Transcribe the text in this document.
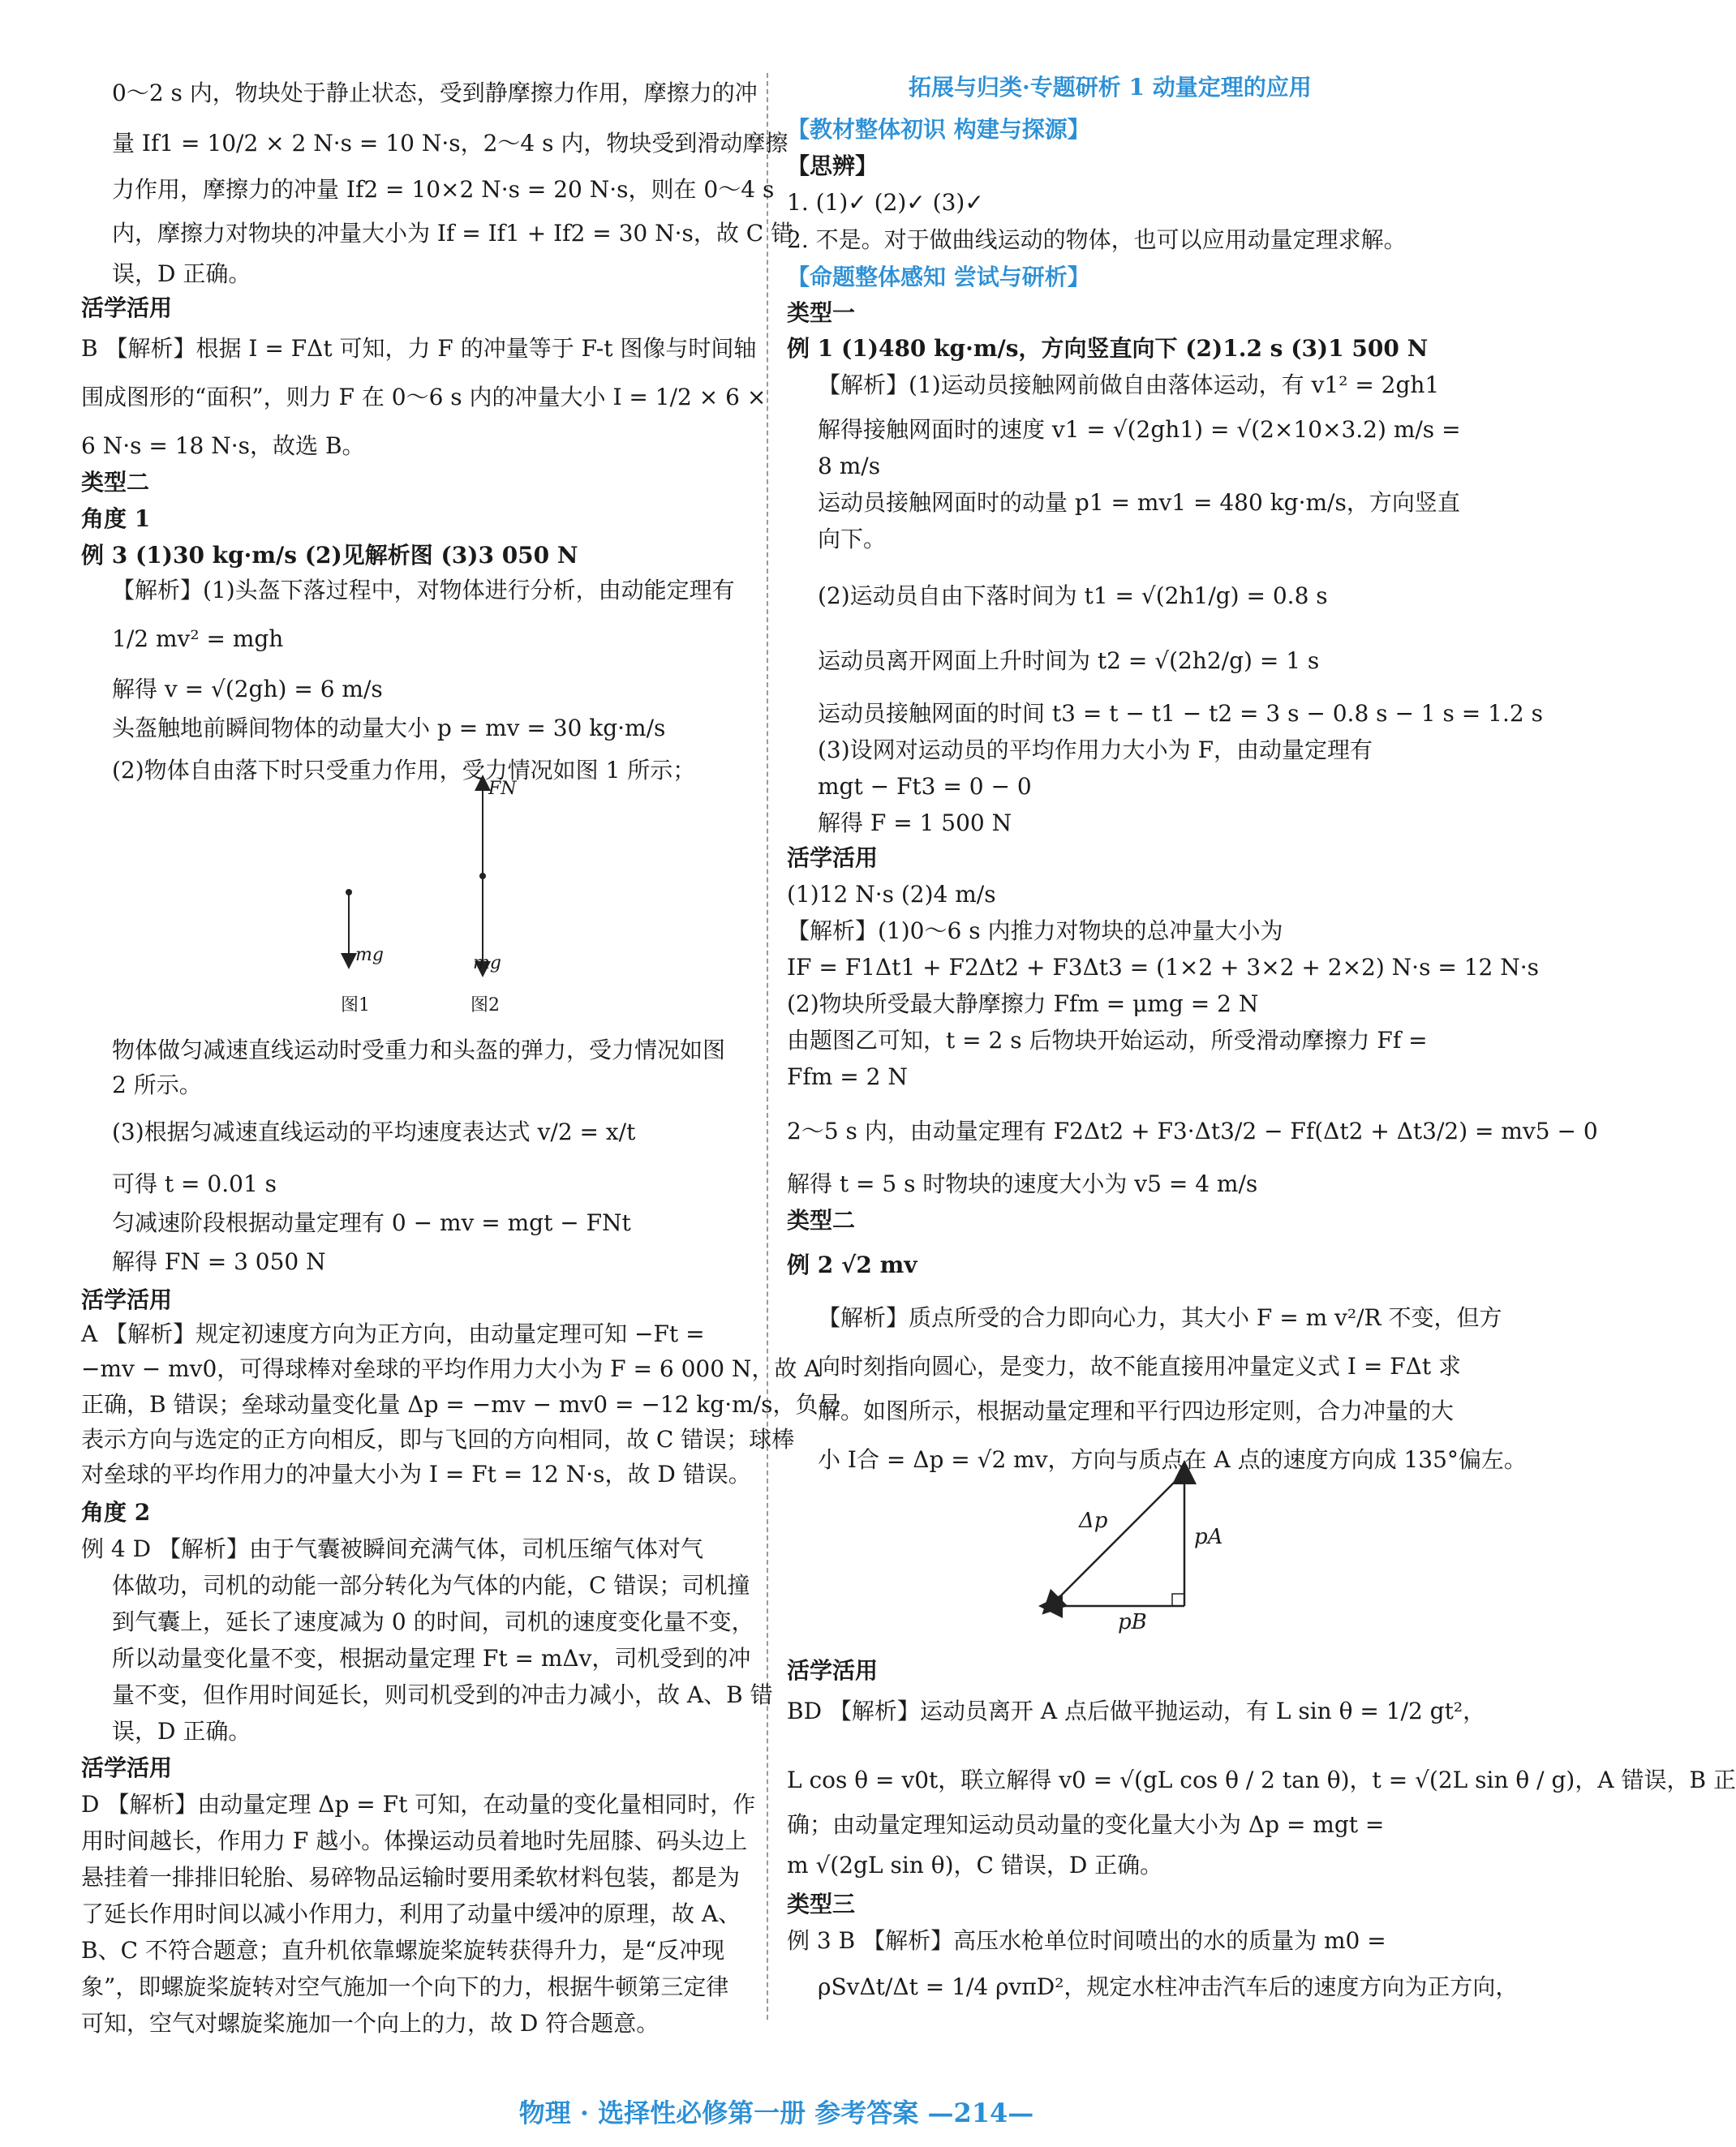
0～2 s 内，物块处于静止状态，受到静摩擦力作用，摩擦力的冲
量 If1 = 10/2 × 2 N·s = 10 N·s，2～4 s 内，物块受到滑动摩擦
力作用，摩擦力的冲量 If2 = 10×2 N·s = 20 N·s，则在 0～4 s
内，摩擦力对物块的冲量大小为 If = If1 + If2 = 30 N·s，故 C 错
误，D 正确。
活学活用
B 【解析】根据 I = FΔt 可知，力 F 的冲量等于 F-t 图像与时间轴
围成图形的“面积”，则力 F 在 0～6 s 内的冲量大小 I = 1/2 × 6 ×
6 N·s = 18 N·s，故选 B。
类型二
角度 1
例 3 (1)30 kg·m/s (2)见解析图 (3)3 050 N
【解析】(1)头盔下落过程中，对物体进行分析，由动能定理有
1/2 mv² = mgh
解得 v = √(2gh) = 6 m/s
头盔触地前瞬间物体的动量大小 p = mv = 30 kg·m/s
(2)物体自由落下时只受重力作用，受力情况如图 1 所示；
物体做匀减速直线运动时受重力和头盔的弹力，受力情况如图
2 所示。
(3)根据匀减速直线运动的平均速度表达式 v/2 = x/t
可得 t = 0.01 s
匀减速阶段根据动量定理有 0 − mv = mgt − FNt
解得 FN = 3 050 N
活学活用
A 【解析】规定初速度方向为正方向，由动量定理可知 −Ft =
−mv − mv0，可得球棒对垒球的平均作用力大小为 F = 6 000 N，故 A
正确，B 错误；垒球动量变化量 Δp = −mv − mv0 = −12 kg·m/s，负号
表示方向与选定的正方向相反，即与飞回的方向相同，故 C 错误；球棒
对垒球的平均作用力的冲量大小为 I = Ft = 12 N·s，故 D 错误。
角度 2
例 4 D 【解析】由于气囊被瞬间充满气体，司机压缩气体对气
体做功，司机的动能一部分转化为气体的内能，C 错误；司机撞
到气囊上，延长了速度减为 0 的时间，司机的速度变化量不变，
所以动量变化量不变，根据动量定理 Ft = mΔv，司机受到的冲
量不变，但作用时间延长，则司机受到的冲击力减小，故 A、B 错
误，D 正确。
活学活用
D 【解析】由动量定理 Δp = Ft 可知，在动量的变化量相同时，作
用时间越长，作用力 F 越小。体操运动员着地时先屈膝、码头边上
悬挂着一排排旧轮胎、易碎物品运输时要用柔软材料包装，都是为
了延长作用时间以减小作用力，利用了动量中缓冲的原理，故 A、
B、C 不符合题意；直升机依靠螺旋桨旋转获得升力，是“反冲现
象”，即螺旋桨旋转对空气施加一个向下的力，根据牛顿第三定律
可知，空气对螺旋桨施加一个向上的力，故 D 符合题意。
拓展与归类·专题研析 1 动量定理的应用
【教材整体初识 构建与探源】
【思辨】
1. (1)✓ (2)✓ (3)✓
2. 不是。对于做曲线运动的物体，也可以应用动量定理求解。
【命题整体感知 尝试与研析】
类型一
例 1 (1)480 kg·m/s，方向竖直向下 (2)1.2 s (3)1 500 N
【解析】(1)运动员接触网前做自由落体运动，有 v1² = 2gh1
解得接触网面时的速度 v1 = √(2gh1) = √(2×10×3.2) m/s =
8 m/s
运动员接触网面时的动量 p1 = mv1 = 480 kg·m/s，方向竖直
向下。
(2)运动员自由下落时间为 t1 = √(2h1/g) = 0.8 s
运动员离开网面上升时间为 t2 = √(2h2/g) = 1 s
运动员接触网面的时间 t3 = t − t1 − t2 = 3 s − 0.8 s − 1 s = 1.2 s
(3)设网对运动员的平均作用力大小为 F，由动量定理有
mgt − Ft3 = 0 − 0
解得 F = 1 500 N
活学活用
(1)12 N·s (2)4 m/s
【解析】(1)0～6 s 内推力对物块的总冲量大小为
IF = F1Δt1 + F2Δt2 + F3Δt3 = (1×2 + 3×2 + 2×2) N·s = 12 N·s
(2)物块所受最大静摩擦力 Ffm = μmg = 2 N
由题图乙可知，t = 2 s 后物块开始运动，所受滑动摩擦力 Ff =
Ffm = 2 N
2～5 s 内，由动量定理有 F2Δt2 + F3·Δt3/2 − Ff(Δt2 + Δt3/2) = mv5 − 0
解得 t = 5 s 时物块的速度大小为 v5 = 4 m/s
类型二
例 2 √2 mv
【解析】质点所受的合力即向心力，其大小 F = m v²/R 不变，但方
向时刻指向圆心，是变力，故不能直接用冲量定义式 I = FΔt 求
解。如图所示，根据动量定理和平行四边形定则，合力冲量的大
小 I合 = Δp = √2 mv，方向与质点在 A 点的速度方向成 135°偏左。
活学活用
BD 【解析】运动员离开 A 点后做平抛运动，有 L sin θ = 1/2 gt²，
L cos θ = v0t，联立解得 v0 = √(gL cos θ / 2 tan θ)，t = √(2L sin θ / g)，A 错误，B 正
确；由动量定理知运动员动量的变化量大小为 Δp = mgt =
m √(2gL sin θ)，C 错误，D 正确。
类型三
例 3 B 【解析】高压水枪单位时间喷出的水的质量为 m0 =
ρSvΔt/Δt = 1/4 ρvπD²，规定水柱冲击汽车后的速度方向为正方向，
FN
mg	mg
图1	图2
Δp
pA
pB
物理 · 选择性必修第一册 参考答案 —214—
